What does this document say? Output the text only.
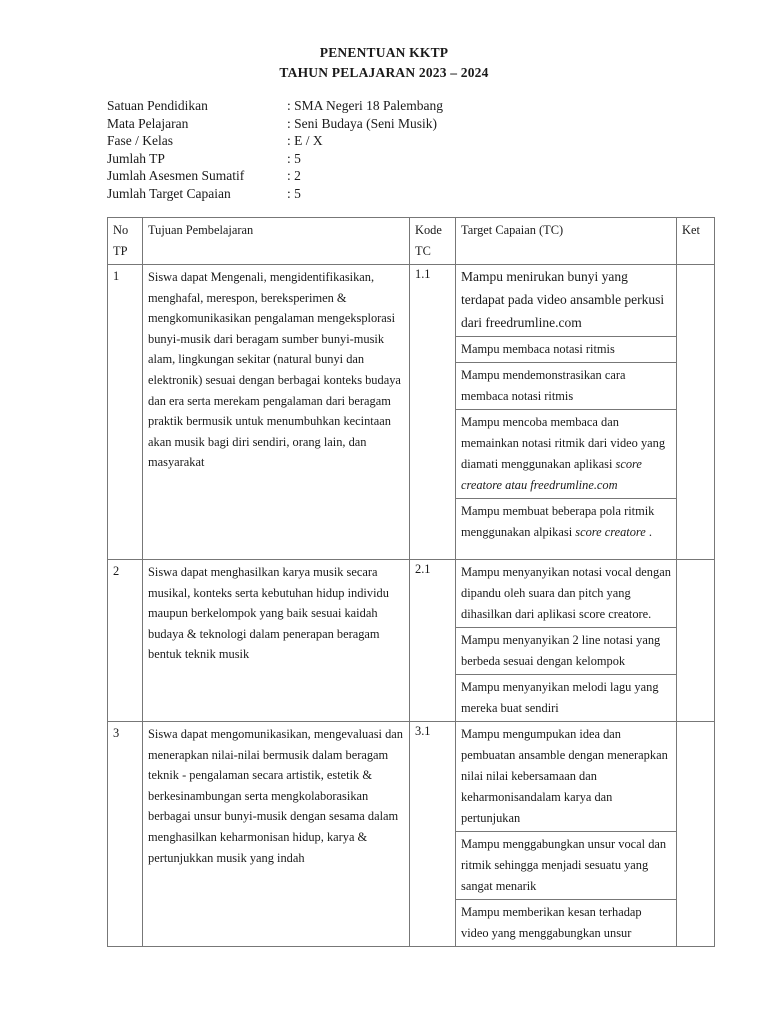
PENENTUAN KKTP
TAHUN PELAJARAN 2023 – 2024
Satuan Pendidikan	: SMA Negeri 18 Palembang
Mata Pelajaran	: Seni Budaya (Seni Musik)
Fase / Kelas	: E / X
Jumlah TP	: 5
Jumlah Asesmen Sumatif	: 2
Jumlah Target Capaian	: 5
No TP	Tujuan Pembelajaran	Kode TC	Target Capaian (TC)	Ket
1	Siswa dapat Mengenali, mengidentifikasikan, menghafal, merespon, bereksperimen & mengkomunikasikan pengalaman mengeksplorasi bunyi-musik dari beragam sumber bunyi-musik alam, lingkungan sekitar (natural bunyi dan elektronik) sesuai dengan berbagai konteks budaya dan era serta merekam pengalaman dari beragam praktik bermusik untuk menumbuhkan kecintaan akan musik bagi diri sendiri, orang lain, dan masyarakat	1.1	Mampu menirukan bunyi yang terdapat pada video ansamble perkusi dari freedrumline.com	
			Mampu membaca notasi ritmis	
			Mampu mendemonstrasikan cara membaca notasi ritmis	
			Mampu mencoba membaca dan memainkan notasi ritmik dari video yang diamati menggunakan aplikasi score creatore atau freedrumline.com	
			Mampu membuat beberapa pola ritmik menggunakan alpikasi score creatore .	
2	Siswa dapat menghasilkan karya musik secara musikal, konteks serta kebutuhan hidup individu maupun berkelompok yang baik sesuai kaidah budaya & teknologi dalam penerapan beragam bentuk teknik musik	2.1	Mampu menyanyikan notasi vocal dengan dipandu oleh suara dan pitch yang dihasilkan dari aplikasi score creatore.	
			Mampu menyanyikan 2 line notasi yang berbeda sesuai dengan kelompok	
			Mampu menyanyikan melodi lagu yang mereka buat sendiri	
3	Siswa dapat mengomunikasikan, mengevaluasi dan menerapkan nilai-nilai bermusik dalam beragam teknik - pengalaman secara artistik, estetik & berkesinambungan serta mengkolaborasikan berbagai unsur bunyi-musik dengan sesama dalam menghasilkan keharmonisan hidup, karya & pertunjukkan musik yang indah	3.1	Mampu mengumpukan idea dan pembuatan ansamble dengan menerapkan nilai nilai kebersamaan dan keharmonisandalam karya dan pertunjukan	
			Mampu menggabungkan unsur vocal dan ritmik sehingga menjadi sesuatu yang sangat menarik	
			Mampu memberikan kesan terhadap video yang menggabungkan unsur	
